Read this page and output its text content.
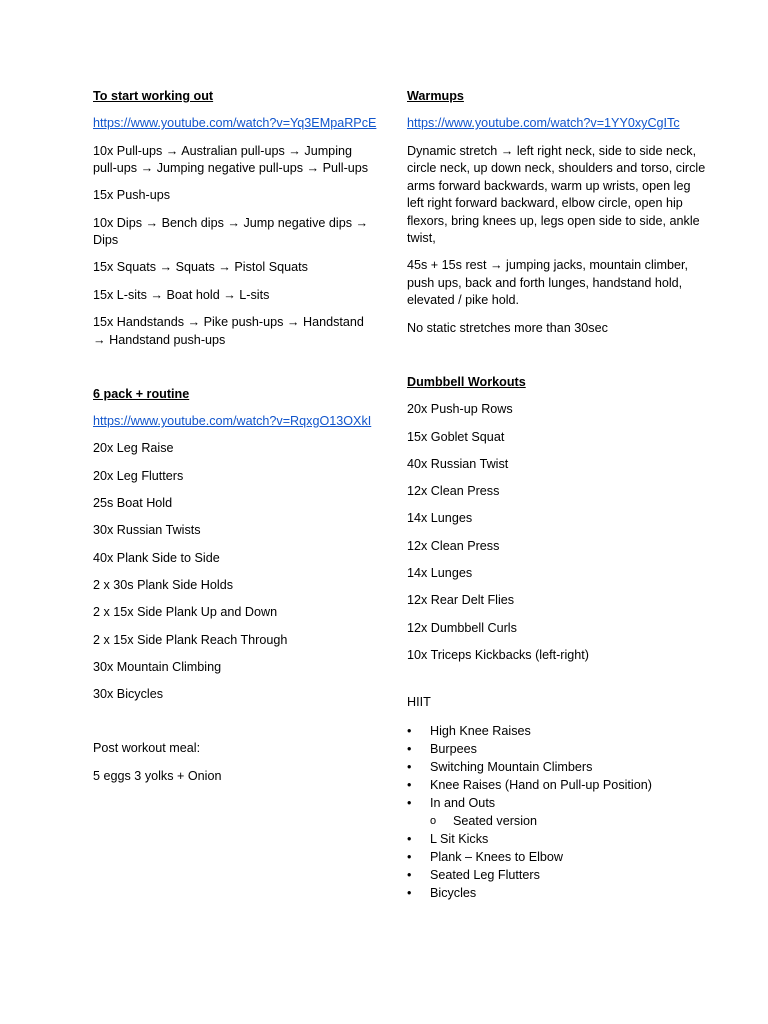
To start working out
https://www.youtube.com/watch?v=Yq3EMpaRPcE
10x Pull-ups → Australian pull-ups → Jumping pull-ups → Jumping negative pull-ups → Pull-ups
15x Push-ups
10x Dips → Bench dips → Jump negative dips → Dips
15x Squats → Squats → Pistol Squats
15x L-sits → Boat hold → L-sits
15x Handstands → Pike push-ups → Handstand → Handstand push-ups
6 pack + routine
https://www.youtube.com/watch?v=RqxgO13OXkI
20x Leg Raise
20x Leg Flutters
25s Boat Hold
30x Russian Twists
40x Plank Side to Side
2 x 30s Plank Side Holds
2 x 15x Side Plank Up and Down
2 x 15x Side Plank Reach Through
30x Mountain Climbing
30x Bicycles
Post workout meal:
5 eggs 3 yolks + Onion
Warmups
https://www.youtube.com/watch?v=1YY0xyCgITc
Dynamic stretch → left right neck, side to side neck, circle neck, up down neck, shoulders and torso, circle arms forward backwards, warm up wrists, open leg left right forward backward, elbow circle, open hip flexors, bring knees up, legs open side to side, ankle twist,
45s + 15s rest → jumping jacks, mountain climber, push ups, back and forth lunges, handstand hold, elevated / pike hold.
No static stretches more than 30sec
Dumbbell Workouts
20x Push-up Rows
15x Goblet Squat
40x Russian Twist
12x Clean Press
14x Lunges
12x Clean Press
14x Lunges
12x Rear Delt Flies
12x Dumbbell Curls
10x Triceps Kickbacks (left-right)
HIIT
• High Knee Raises
• Burpees
• Switching Mountain Climbers
• Knee Raises (Hand on Pull-up Position)
• In and Outs
o Seated version
• L Sit Kicks
• Plank – Knees to Elbow
• Seated Leg Flutters
• Bicycles
